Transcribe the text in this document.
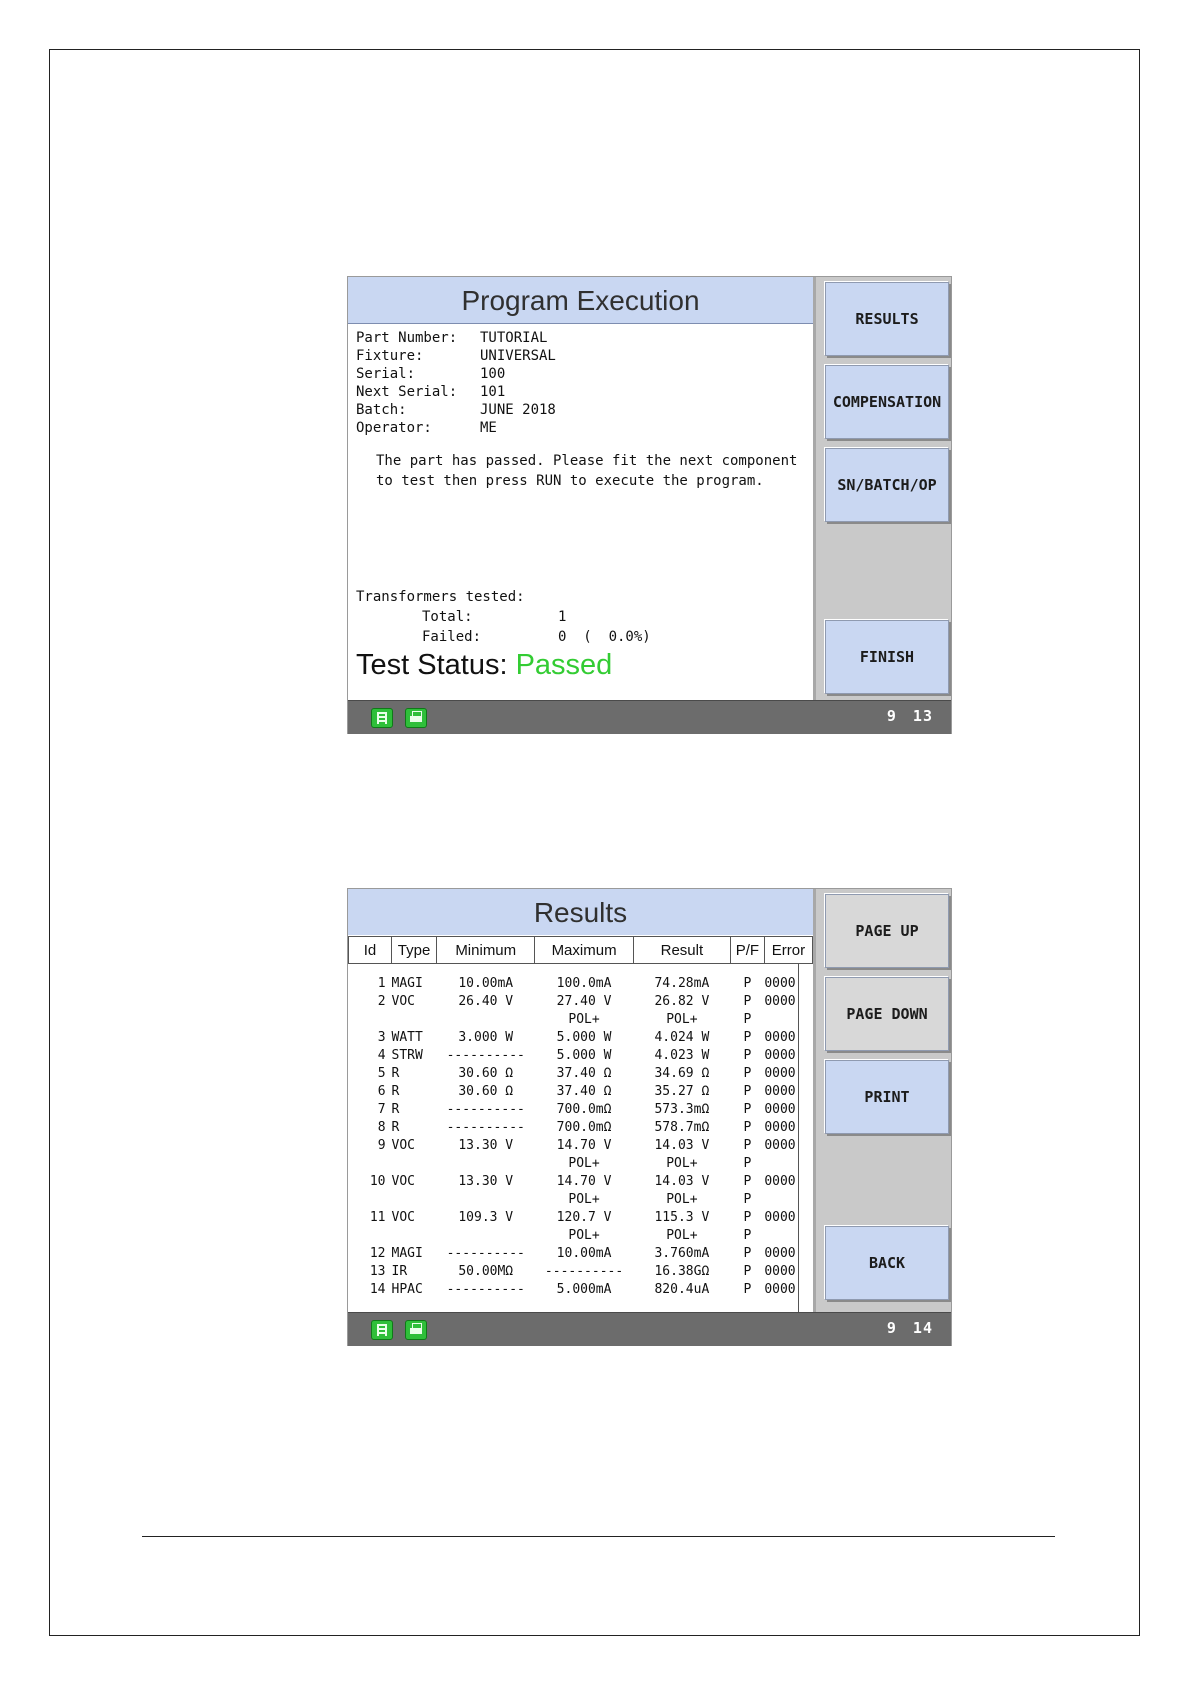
Program Execution
Part Number: TUTORIAL
Fixture:	UNIVERSAL
Serial:	100
Next Serial: 101
Batch:	JUNE 2018
Operator:	ME
The part has passed. Please fit the next component
to test then press RUN to execute the program.
Transformers tested:
Total:	1
Failed:	0  (  0.0%)
Test Status: Passed
RESULTS
COMPENSATION
SN/BATCH/OP
FINISH
9 13
Results
Id	Type	Minimum	Maximum	Result	P/F	Error

1	MAGI	10.00mA	100.0mA	74.28mA	P	0000
2	VOC	26.40 V	27.40 V	26.82 V	P	0000
			POL+	POL+	P	
3	WATT	3.000 W	5.000 W	4.024 W	P	0000
4	STRW	----------	5.000 W	4.023 W	P	0000
5	R	30.60 Ω	37.40 Ω	34.69 Ω	P	0000
6	R	30.60 Ω	37.40 Ω	35.27 Ω	P	0000
7	R	----------	700.0mΩ	573.3mΩ	P	0000
8	R	----------	700.0mΩ	578.7mΩ	P	0000
9	VOC	13.30 V	14.70 V	14.03 V	P	0000
			POL+	POL+	P	
10	VOC	13.30 V	14.70 V	14.03 V	P	0000
			POL+	POL+	P	
11	VOC	109.3 V	120.7 V	115.3 V	P	0000
			POL+	POL+	P	
12	MAGI	----------	10.00mA	3.760mA	P	0000
13	IR	50.00MΩ	----------	16.38GΩ	P	0000
14	HPAC	----------	5.000mA	820.4uA	P	0000
PAGE UP
PAGE DOWN
PRINT
BACK
9 14
